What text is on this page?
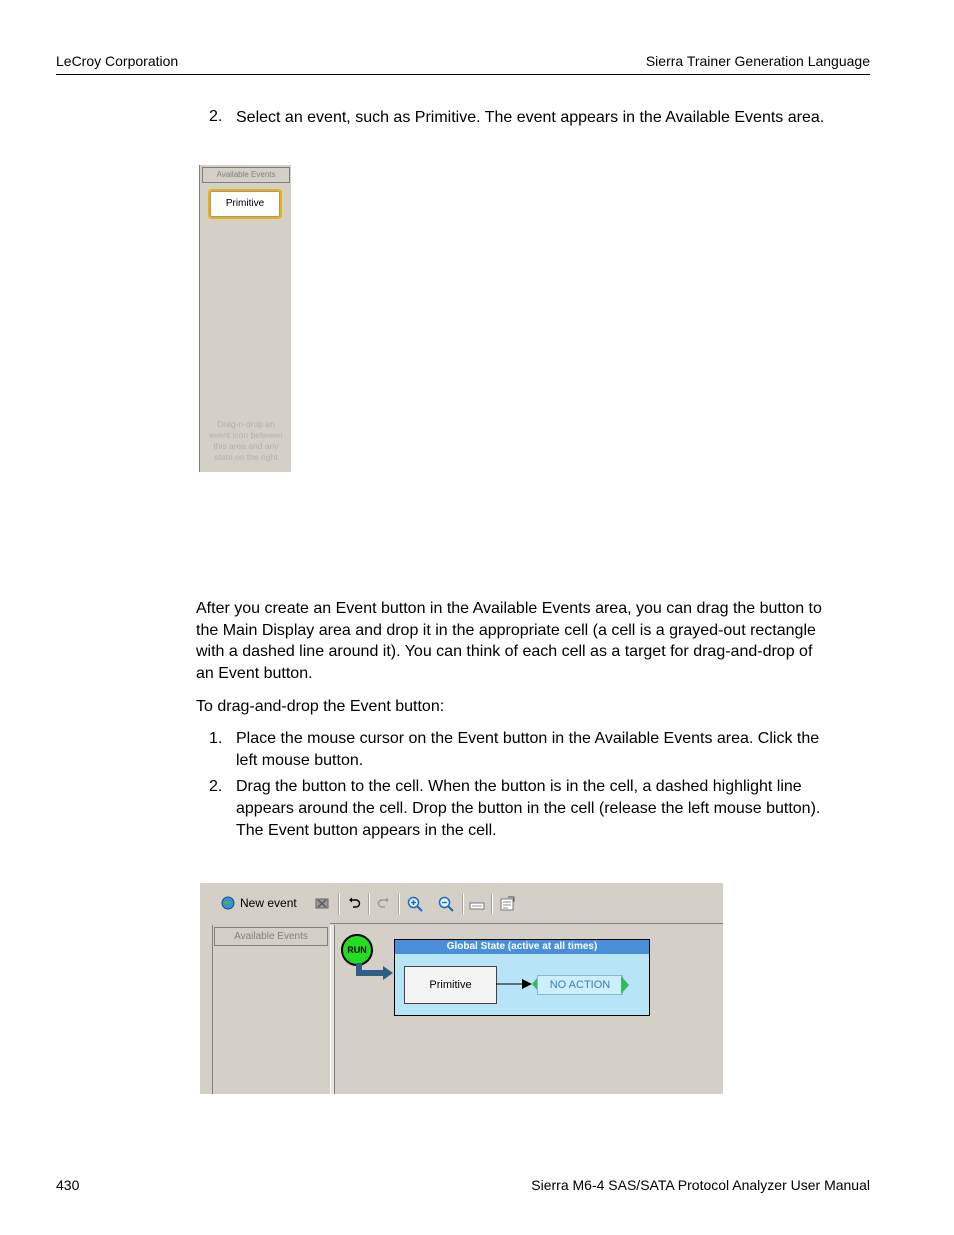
LeCroy Corporation	Sierra Trainer Generation Language
2. Select an event, such as Primitive. The event appears in the Available Events area.
Available Events
Primitive
Drag-n-drop an
event icon between
this area and any
state on the right
After you create an Event button in the Available Events area, you can drag the button to
the Main Display area and drop it in the appropriate cell (a cell is a grayed-out rectangle
with a dashed line around it). You can think of each cell as a target for drag-and-drop of
an Event button.
To drag-and-drop the Event button:
1. Place the mouse cursor on the Event button in the Available Events area. Click the
left mouse button.
2. Drag the button to the cell. When the button is in the cell, a dashed highlight line
appears around the cell. Drop the button in the cell (release the left mouse button).
The Event button appears in the cell.
New event
Available Events
RUN	Global State (active at all times)
Primitive	NO ACTION
430	Sierra M6-4 SAS/SATA Protocol Analyzer User Manual
